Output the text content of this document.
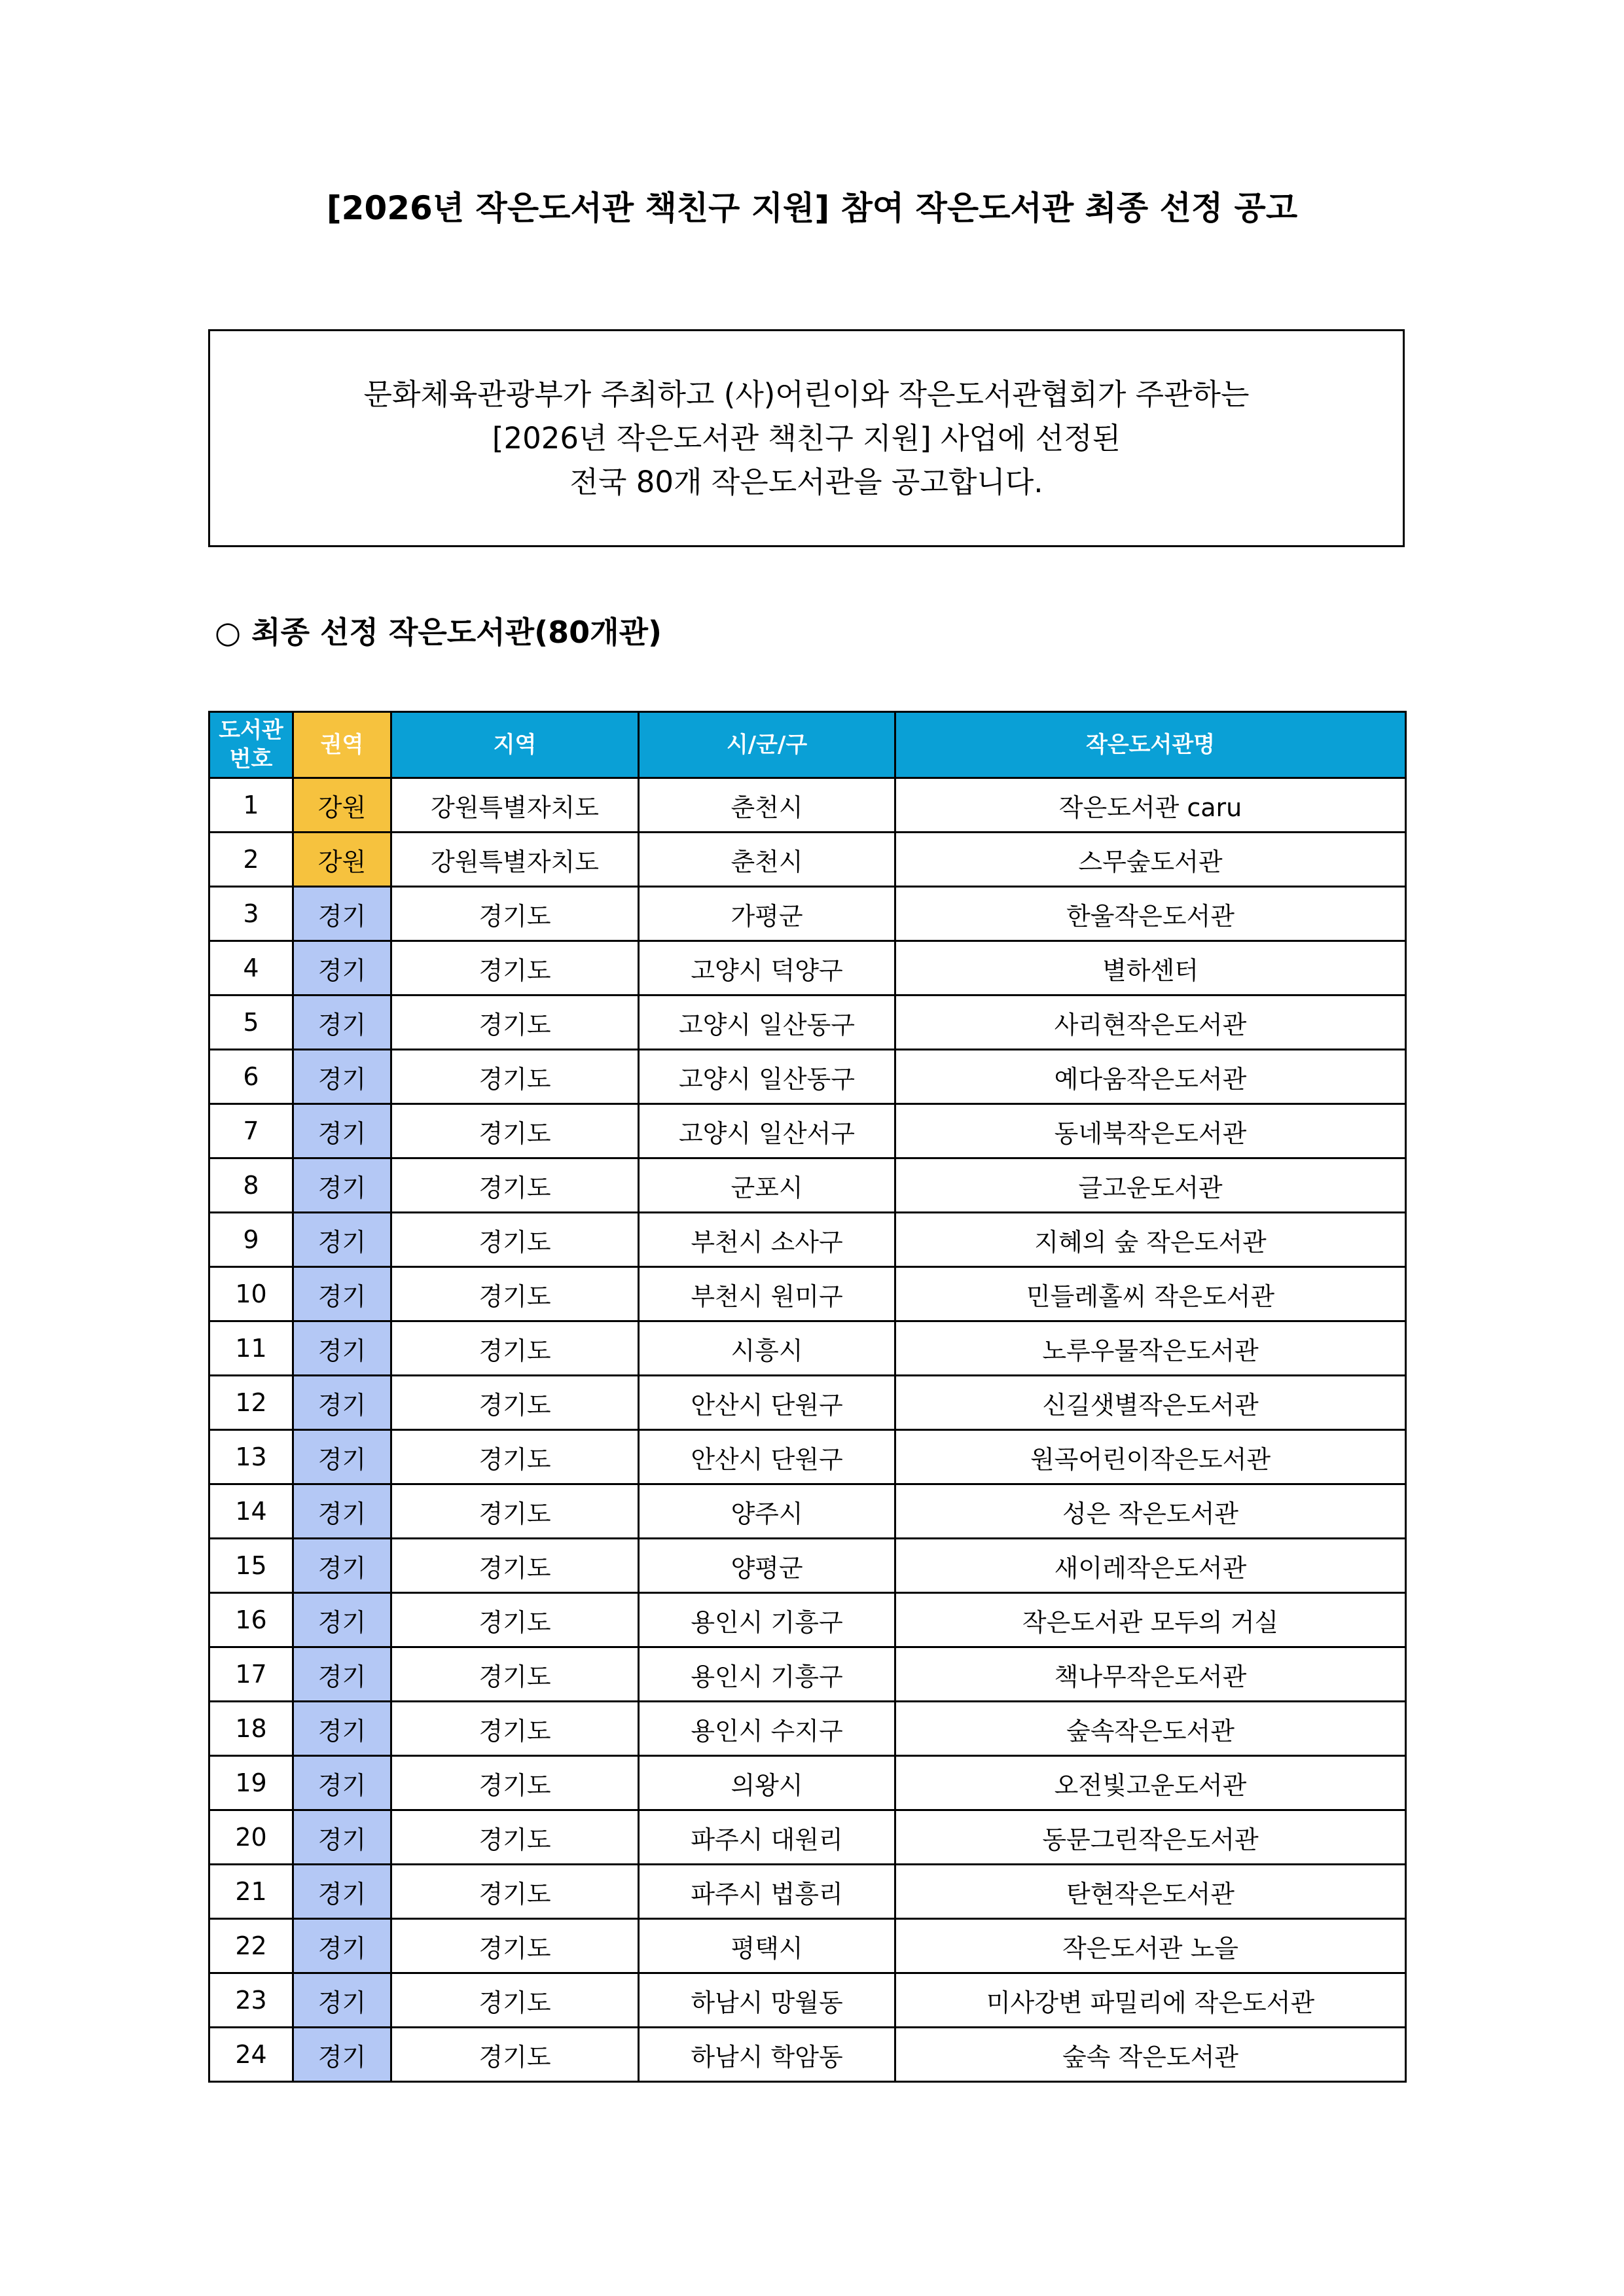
[2026년 작은도서관 책친구 지원] 참여 작은도서관 최종 선정 공고
문화체육관광부가 주최하고 (사)어린이와 작은도서관협회가 주관하는
[2026년 작은도서관 책친구 지원] 사업에 선정된
전국 80개 작은도서관을 공고합니다.
○ 최종 선정 작은도서관(80개관)
도서관
번호	권역	지역	시/군/구	작은도서관명
1	강원	강원특별자치도	춘천시	작은도서관 caru
2	강원	강원특별자치도	춘천시	스무숲도서관
3	경기	경기도	가평군	한울작은도서관
4	경기	경기도	고양시 덕양구	별하센터
5	경기	경기도	고양시 일산동구	사리현작은도서관
6	경기	경기도	고양시 일산동구	예다움작은도서관
7	경기	경기도	고양시 일산서구	동네북작은도서관
8	경기	경기도	군포시	글고운도서관
9	경기	경기도	부천시 소사구	지혜의 숲 작은도서관
10	경기	경기도	부천시 원미구	민들레홀씨 작은도서관
11	경기	경기도	시흥시	노루우물작은도서관
12	경기	경기도	안산시 단원구	신길샛별작은도서관
13	경기	경기도	안산시 단원구	원곡어린이작은도서관
14	경기	경기도	양주시	성은 작은도서관
15	경기	경기도	양평군	새이레작은도서관
16	경기	경기도	용인시 기흥구	작은도서관 모두의 거실
17	경기	경기도	용인시 기흥구	책나무작은도서관
18	경기	경기도	용인시 수지구	숲속작은도서관
19	경기	경기도	의왕시	오전빛고운도서관
20	경기	경기도	파주시 대원리	동문그린작은도서관
21	경기	경기도	파주시 법흥리	탄현작은도서관
22	경기	경기도	평택시	작은도서관 노을
23	경기	경기도	하남시 망월동	미사강변 파밀리에 작은도서관
24	경기	경기도	하남시 학암동	숲속 작은도서관
